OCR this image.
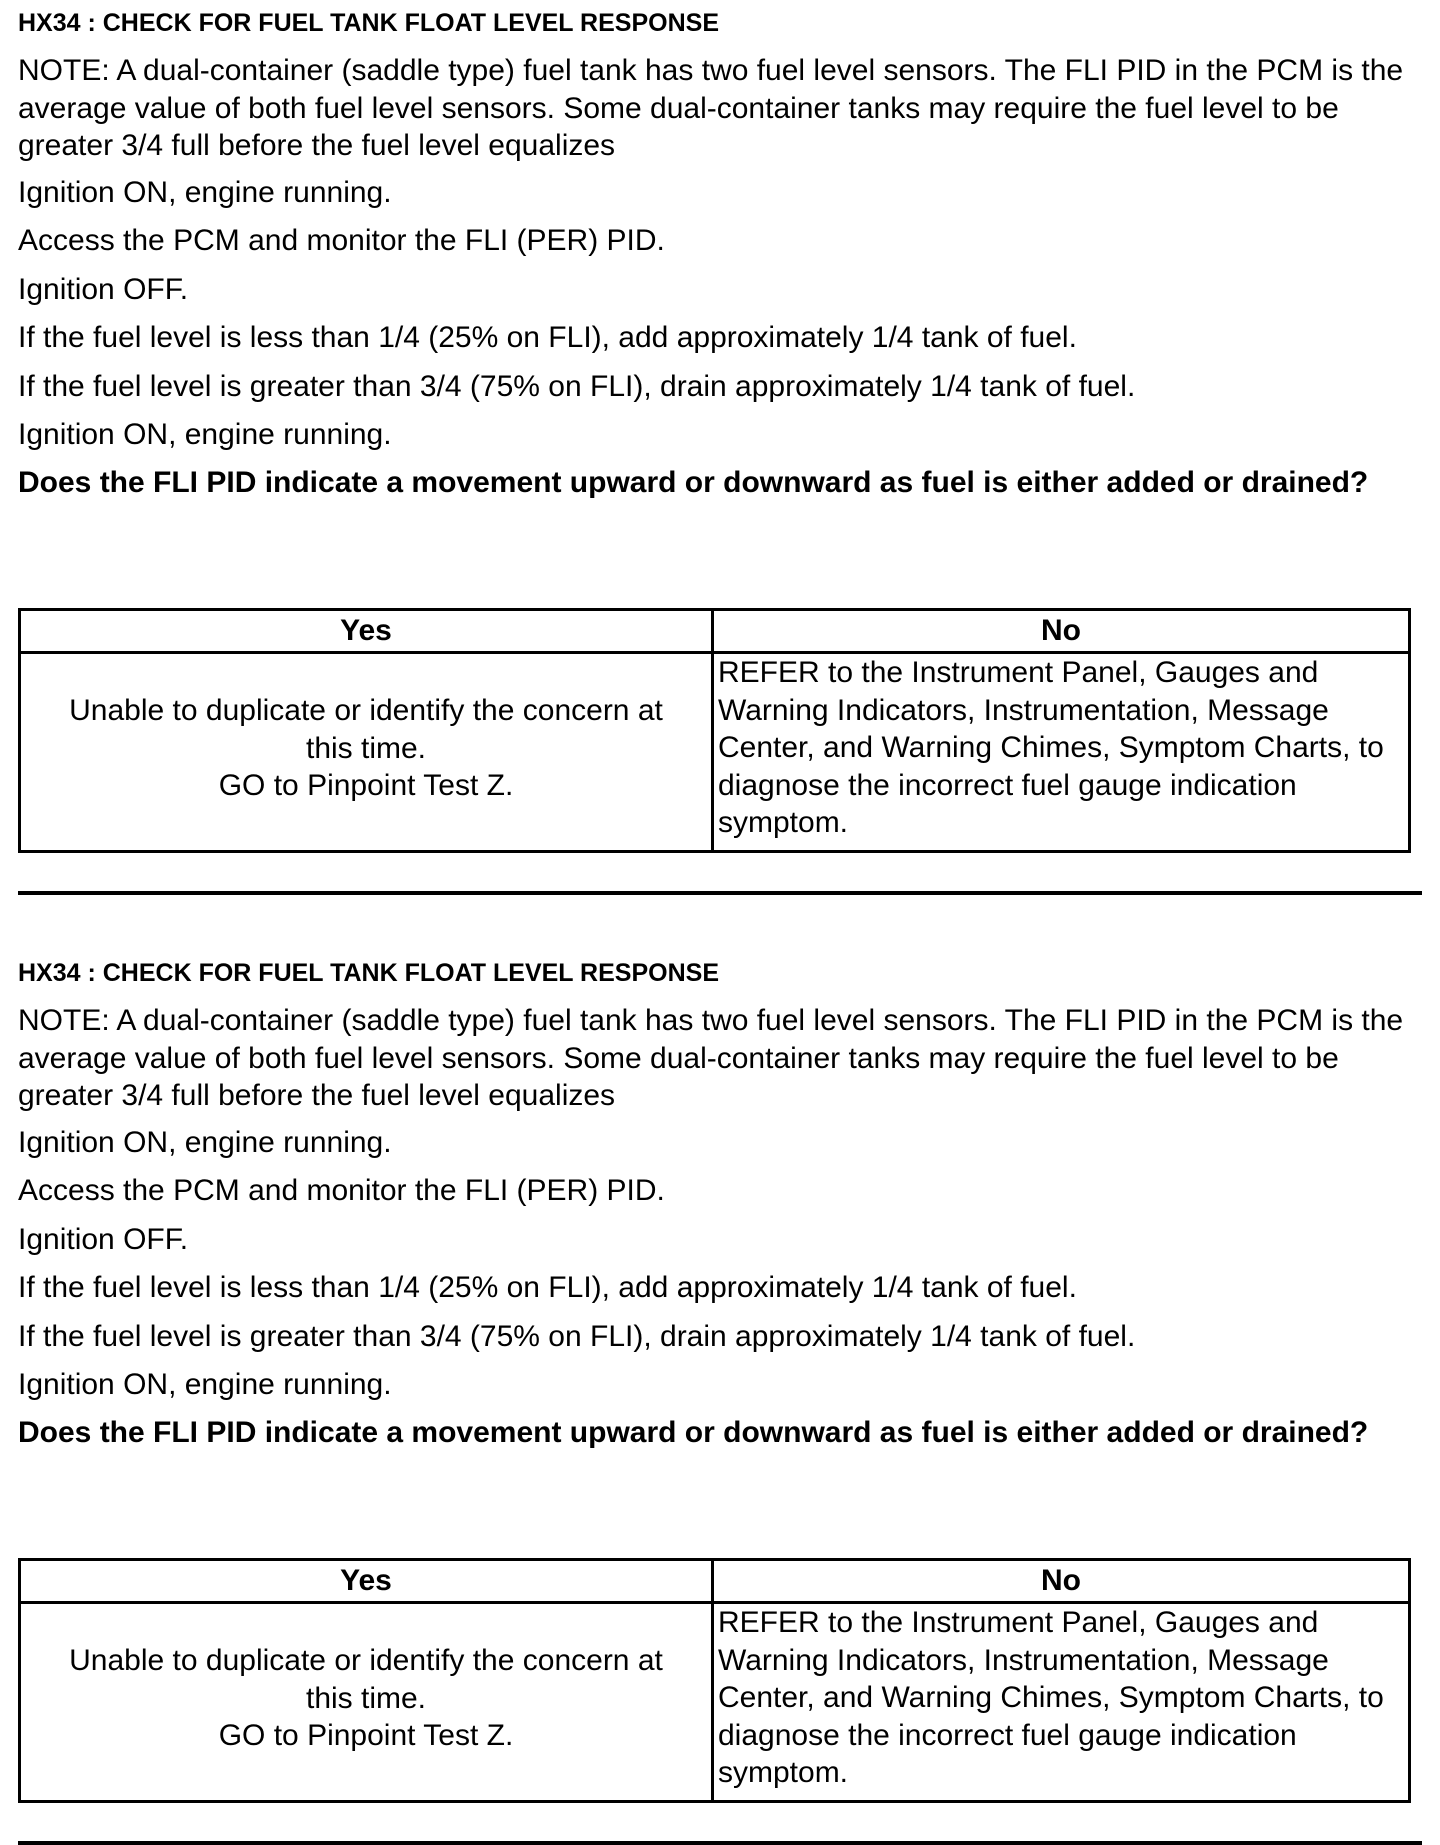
HX34 : CHECK FOR FUEL TANK FLOAT LEVEL RESPONSE
NOTE: A dual-container (saddle type) fuel tank has two fuel level sensors. The FLI PID in the PCM is the average value of both fuel level sensors. Some dual-container tanks may require the fuel level to be greater 3/4 full before the fuel level equalizes
Ignition ON, engine running.
Access the PCM and monitor the FLI (PER) PID.
Ignition OFF.
If the fuel level is less than 1/4 (25% on FLI), add approximately 1/4 tank of fuel.
If the fuel level is greater than 3/4 (75% on FLI), drain approximately 1/4 tank of fuel.
Ignition ON, engine running.
Does the FLI PID indicate a movement upward or downward as fuel is either added or drained?
Yes	No

Unable to duplicate or identify the concern at
this time.
GO to Pinpoint Test Z.	REFER to the Instrument Panel, Gauges and Warning Indicators, Instrumentation, Message Center, and Warning Chimes, Symptom Charts, to diagnose the incorrect fuel gauge indication symptom.
HX34 : CHECK FOR FUEL TANK FLOAT LEVEL RESPONSE
NOTE: A dual-container (saddle type) fuel tank has two fuel level sensors. The FLI PID in the PCM is the average value of both fuel level sensors. Some dual-container tanks may require the fuel level to be greater 3/4 full before the fuel level equalizes
Ignition ON, engine running.
Access the PCM and monitor the FLI (PER) PID.
Ignition OFF.
If the fuel level is less than 1/4 (25% on FLI), add approximately 1/4 tank of fuel.
If the fuel level is greater than 3/4 (75% on FLI), drain approximately 1/4 tank of fuel.
Ignition ON, engine running.
Does the FLI PID indicate a movement upward or downward as fuel is either added or drained?
Yes	No

Unable to duplicate or identify the concern at
this time.
GO to Pinpoint Test Z.	REFER to the Instrument Panel, Gauges and Warning Indicators, Instrumentation, Message Center, and Warning Chimes, Symptom Charts, to diagnose the incorrect fuel gauge indication symptom.
